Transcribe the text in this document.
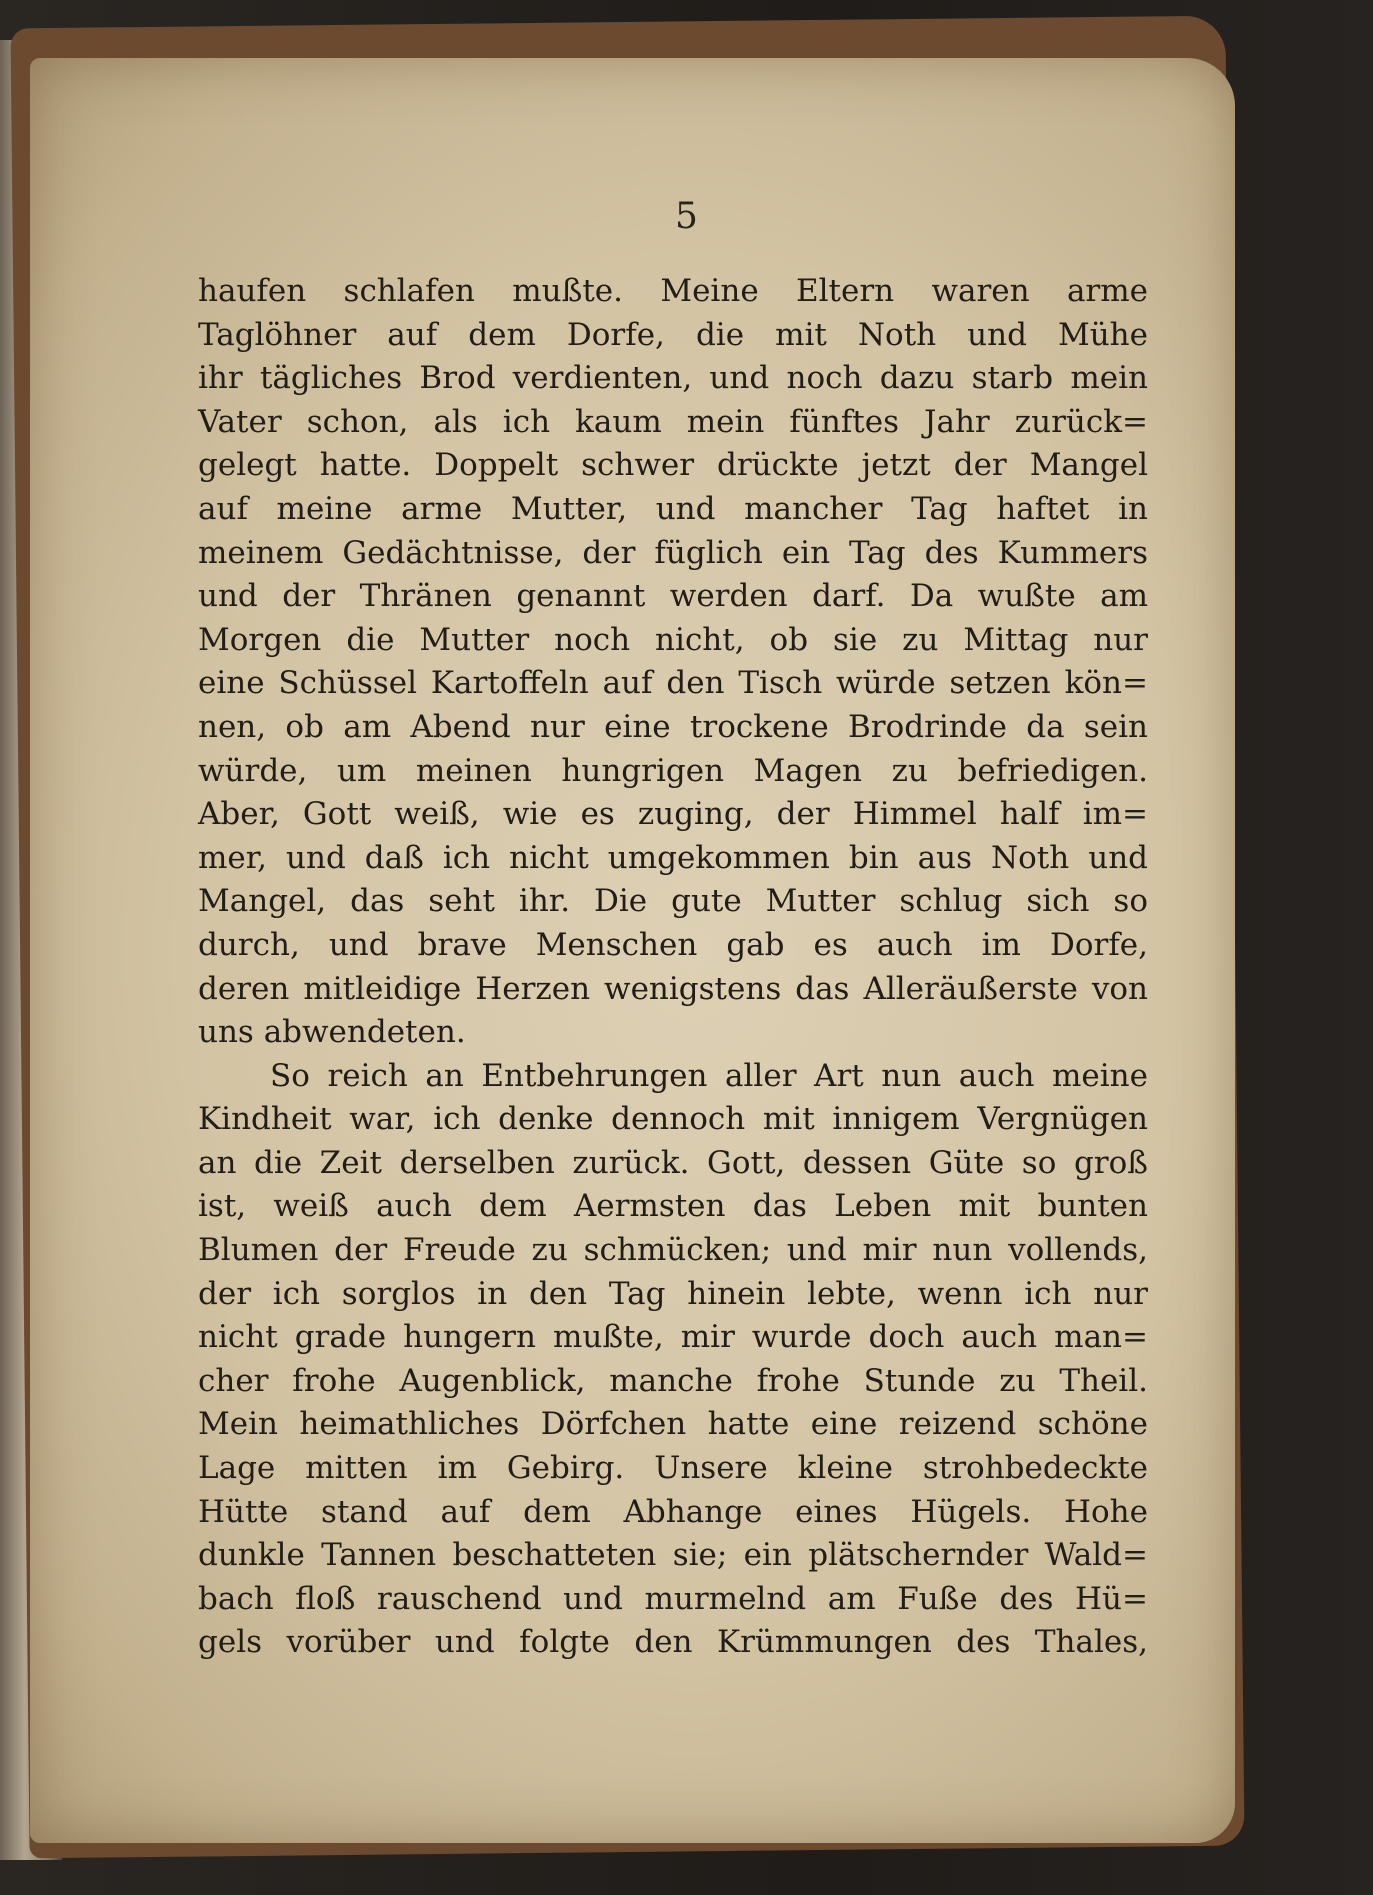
5
haufen schlafen mußte. Meine Eltern waren arme
Taglöhner auf dem Dorfe, die mit Noth und Mühe
ihr tägliches Brod verdienten, und noch dazu starb mein
Vater schon, als ich kaum mein fünftes Jahr zurück=
gelegt hatte. Doppelt schwer drückte jetzt der Mangel
auf meine arme Mutter, und mancher Tag haftet in
meinem Gedächtnisse, der füglich ein Tag des Kummers
und der Thränen genannt werden darf. Da wußte am
Morgen die Mutter noch nicht, ob sie zu Mittag nur
eine Schüssel Kartoffeln auf den Tisch würde setzen kön=
nen, ob am Abend nur eine trockene Brodrinde da sein
würde, um meinen hungrigen Magen zu befriedigen.
Aber, Gott weiß, wie es zuging, der Himmel half im=
mer, und daß ich nicht umgekommen bin aus Noth und
Mangel, das seht ihr. Die gute Mutter schlug sich so
durch, und brave Menschen gab es auch im Dorfe,
deren mitleidige Herzen wenigstens das Alleräußerste von
uns abwendeten.
So reich an Entbehrungen aller Art nun auch meine
Kindheit war, ich denke dennoch mit innigem Vergnügen
an die Zeit derselben zurück. Gott, dessen Güte so groß
ist, weiß auch dem Aermsten das Leben mit bunten
Blumen der Freude zu schmücken; und mir nun vollends,
der ich sorglos in den Tag hinein lebte, wenn ich nur
nicht grade hungern mußte, mir wurde doch auch man=
cher frohe Augenblick, manche frohe Stunde zu Theil.
Mein heimathliches Dörfchen hatte eine reizend schöne
Lage mitten im Gebirg. Unsere kleine strohbedeckte
Hütte stand auf dem Abhange eines Hügels. Hohe
dunkle Tannen beschatteten sie; ein plätschernder Wald=
bach floß rauschend und murmelnd am Fuße des Hü=
gels vorüber und folgte den Krümmungen des Thales,
